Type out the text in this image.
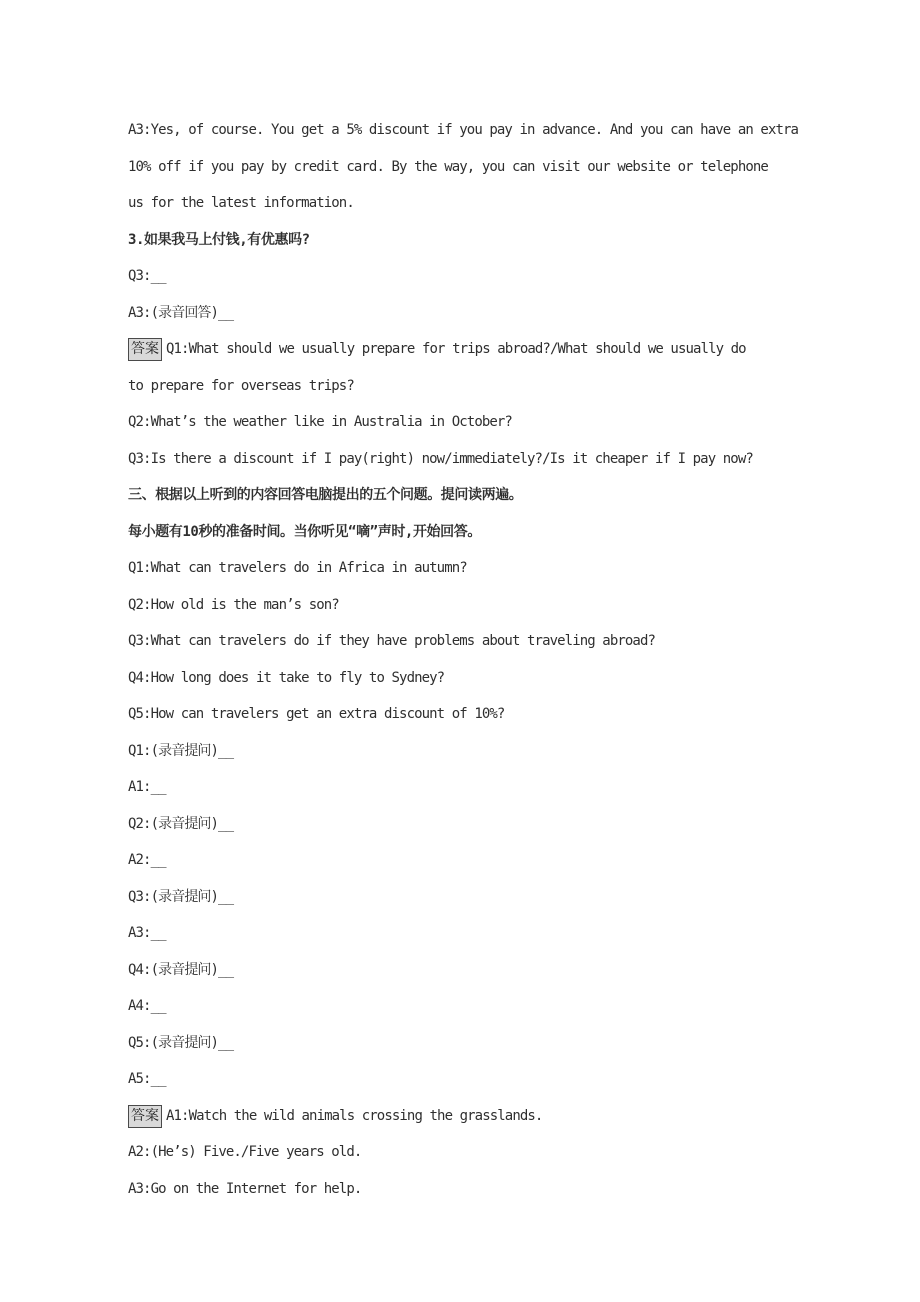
A3:Yes, of course. You get a 5% discount if you pay in advance. And you can have an extra
10% off if you pay by credit card. By the way, you can visit our website or telephone
us for the latest information.
3.如果我马上付钱,有优惠吗?
Q3:__
A3:(录音回答)__
答案 Q1:What should we usually prepare for trips abroad?/What should we usually do
to prepare for overseas trips?
Q2:What’s the weather like in Australia in October?
Q3:Is there a discount if I pay(right) now/immediately?/Is it cheaper if I pay now?
三、根据以上听到的内容回答电脑提出的五个问题。提问读两遍。
每小题有10秒的准备时间。当你听见“嘀”声时,开始回答。
Q1:What can travelers do in Africa in autumn?
Q2:How old is the man’s son?
Q3:What can travelers do if they have problems about traveling abroad?
Q4:How long does it take to fly to Sydney?
Q5:How can travelers get an extra discount of 10%?
Q1:(录音提问)__
A1:__
Q2:(录音提问)__
A2:__
Q3:(录音提问)__
A3:__
Q4:(录音提问)__
A4:__
Q5:(录音提问)__
A5:__
答案 A1:Watch the wild animals crossing the grasslands.
A2:(He’s) Five./Five years old.
A3:Go on the Internet for help.
